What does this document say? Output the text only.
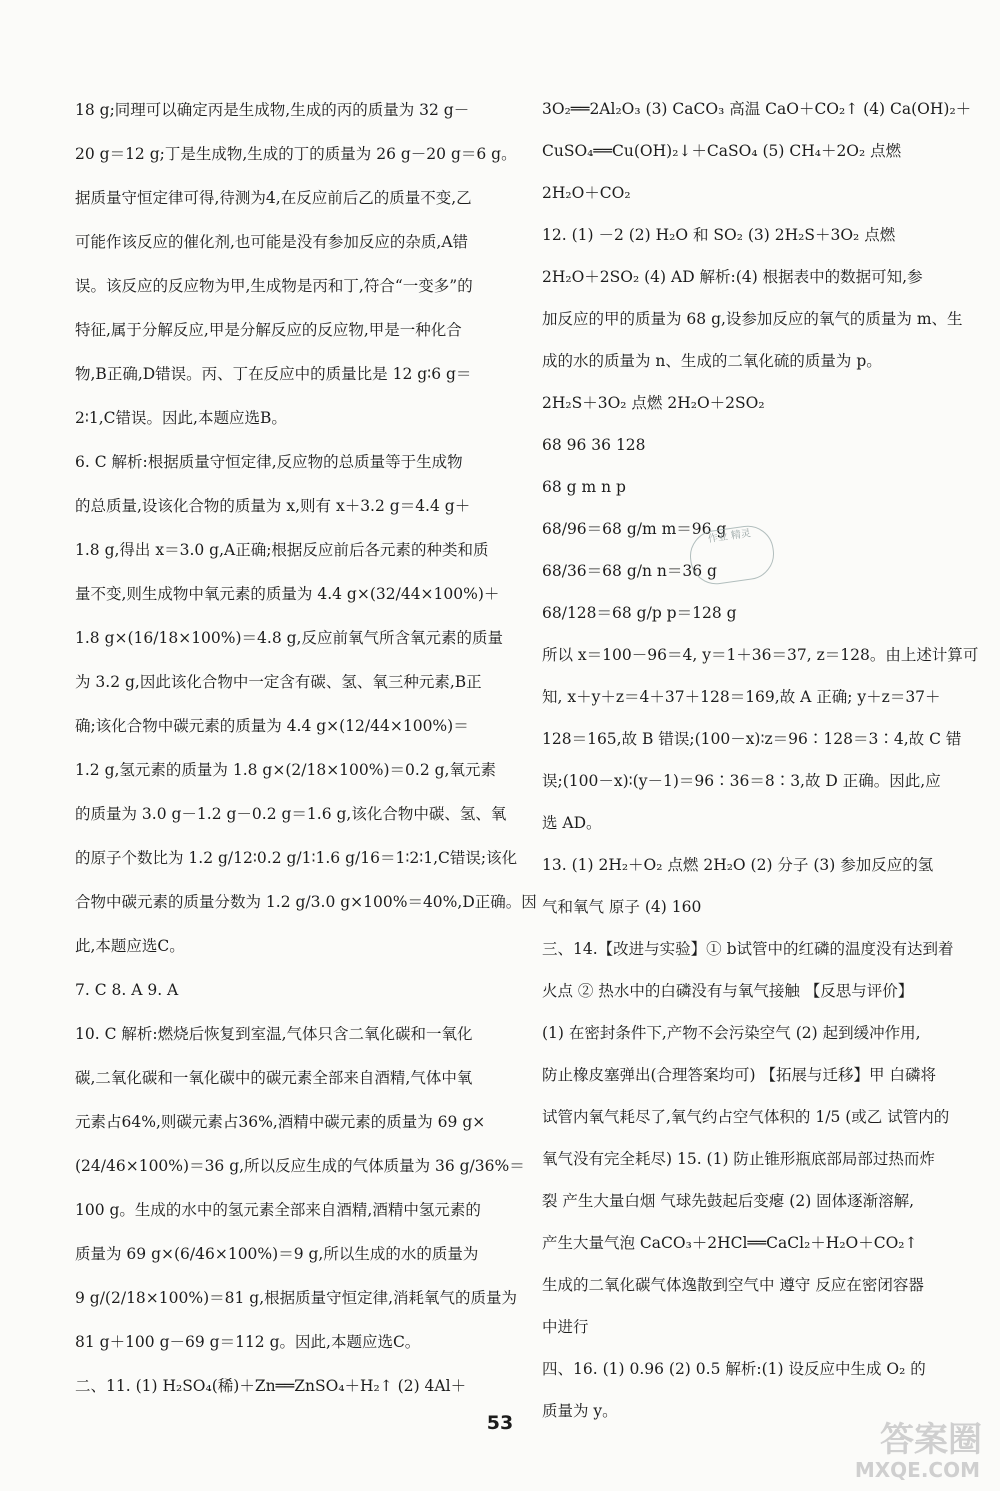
18 g;同理可以确定丙是生成物,生成的丙的质量为 32 g－
20 g＝12 g;丁是生成物,生成的丁的质量为 26 g－20 g＝6 g。
据质量守恒定律可得,待测为4,在反应前后乙的质量不变,乙
可能作该反应的催化剂,也可能是没有参加反应的杂质,A错
误。该反应的反应物为甲,生成物是丙和丁,符合“一变多”的
特征,属于分解反应,甲是分解反应的反应物,甲是一种化合
物,B正确,D错误。丙、丁在反应中的质量比是 12 g∶6 g＝
2∶1,C错误。因此,本题应选B。
6. C 解析:根据质量守恒定律,反应物的总质量等于生成物
的总质量,设该化合物的质量为 x,则有 x＋3.2 g＝4.4 g＋
1.8 g,得出 x＝3.0 g,A正确;根据反应前后各元素的种类和质
量不变,则生成物中氧元素的质量为 4.4 g×(32/44×100%)＋
1.8 g×(16/18×100%)＝4.8 g,反应前氧气所含氧元素的质量
为 3.2 g,因此该化合物中一定含有碳、氢、氧三种元素,B正
确;该化合物中碳元素的质量为 4.4 g×(12/44×100%)＝
1.2 g,氢元素的质量为 1.8 g×(2/18×100%)＝0.2 g,氧元素
的质量为 3.0 g－1.2 g－0.2 g＝1.6 g,该化合物中碳、氢、氧
的原子个数比为 1.2 g/12∶0.2 g/1∶1.6 g/16＝1∶2∶1,C错误;该化
合物中碳元素的质量分数为 1.2 g/3.0 g×100%＝40%,D正确。因
此,本题应选C。
7. C 8. A 9. A
10. C 解析:燃烧后恢复到室温,气体只含二氧化碳和一氧化
碳,二氧化碳和一氧化碳中的碳元素全部来自酒精,气体中氧
元素占64%,则碳元素占36%,酒精中碳元素的质量为 69 g×
(24/46×100%)＝36 g,所以反应生成的气体质量为 36 g/36%＝
100 g。生成的水中的氢元素全部来自酒精,酒精中氢元素的
质量为 69 g×(6/46×100%)＝9 g,所以生成的水的质量为
9 g/(2/18×100%)＝81 g,根据质量守恒定律,消耗氧气的质量为
81 g＋100 g－69 g＝112 g。因此,本题应选C。
二、11. (1) H₂SO₄(稀)＋Zn══ZnSO₄＋H₂↑ (2) 4Al＋
3O₂══2Al₂O₃ (3) CaCO₃ 高温 CaO＋CO₂↑ (4) Ca(OH)₂＋
CuSO₄══Cu(OH)₂↓＋CaSO₄ (5) CH₄＋2O₂ 点燃
2H₂O＋CO₂
12. (1) －2 (2) H₂O 和 SO₂ (3) 2H₂S＋3O₂ 点燃
2H₂O＋2SO₂ (4) AD 解析:(4) 根据表中的数据可知,参
加反应的甲的质量为 68 g,设参加反应的氧气的质量为 m、生
成的水的质量为 n、生成的二氧化硫的质量为 p。
2H₂S＋3O₂ 点燃 2H₂O＋2SO₂
68 96 36 128
68 g m n p
68/96＝68 g/m m＝96 g
68/36＝68 g/n n＝36 g
68/128＝68 g/p p＝128 g
所以 x＝100－96＝4, y＝1＋36＝37, z＝128。由上述计算可
知, x＋y＋z＝4＋37＋128＝169,故 A 正确; y＋z＝37＋
128＝165,故 B 错误;(100－x)∶z＝96∶128＝3∶4,故 C 错
误;(100－x)∶(y－1)＝96∶36＝8∶3,故 D 正确。因此,应
选 AD。
13. (1) 2H₂＋O₂ 点燃 2H₂O (2) 分子 (3) 参加反应的氢
气和氧气 原子 (4) 160
三、14.【改进与实验】① b试管中的红磷的温度没有达到着
火点 ② 热水中的白磷没有与氧气接触 【反思与评价】
(1) 在密封条件下,产物不会污染空气 (2) 起到缓冲作用,
防止橡皮塞弹出(合理答案均可) 【拓展与迁移】甲 白磷将
试管内氧气耗尽了,氧气约占空气体积的 1/5 (或乙 试管内的
氧气没有完全耗尽) 15. (1) 防止锥形瓶底部局部过热而炸
裂 产生大量白烟 气球先鼓起后变瘪 (2) 固体逐渐溶解,
产生大量气泡 CaCO₃＋2HCl══CaCl₂＋H₂O＋CO₂↑
生成的二氧化碳气体逸散到空气中 遵守 反应在密闭容器
中进行
四、16. (1) 0.96 (2) 0.5 解析:(1) 设反应中生成 O₂ 的
质量为 y。
作业 精灵
53	答案圈
MXQE.COM
